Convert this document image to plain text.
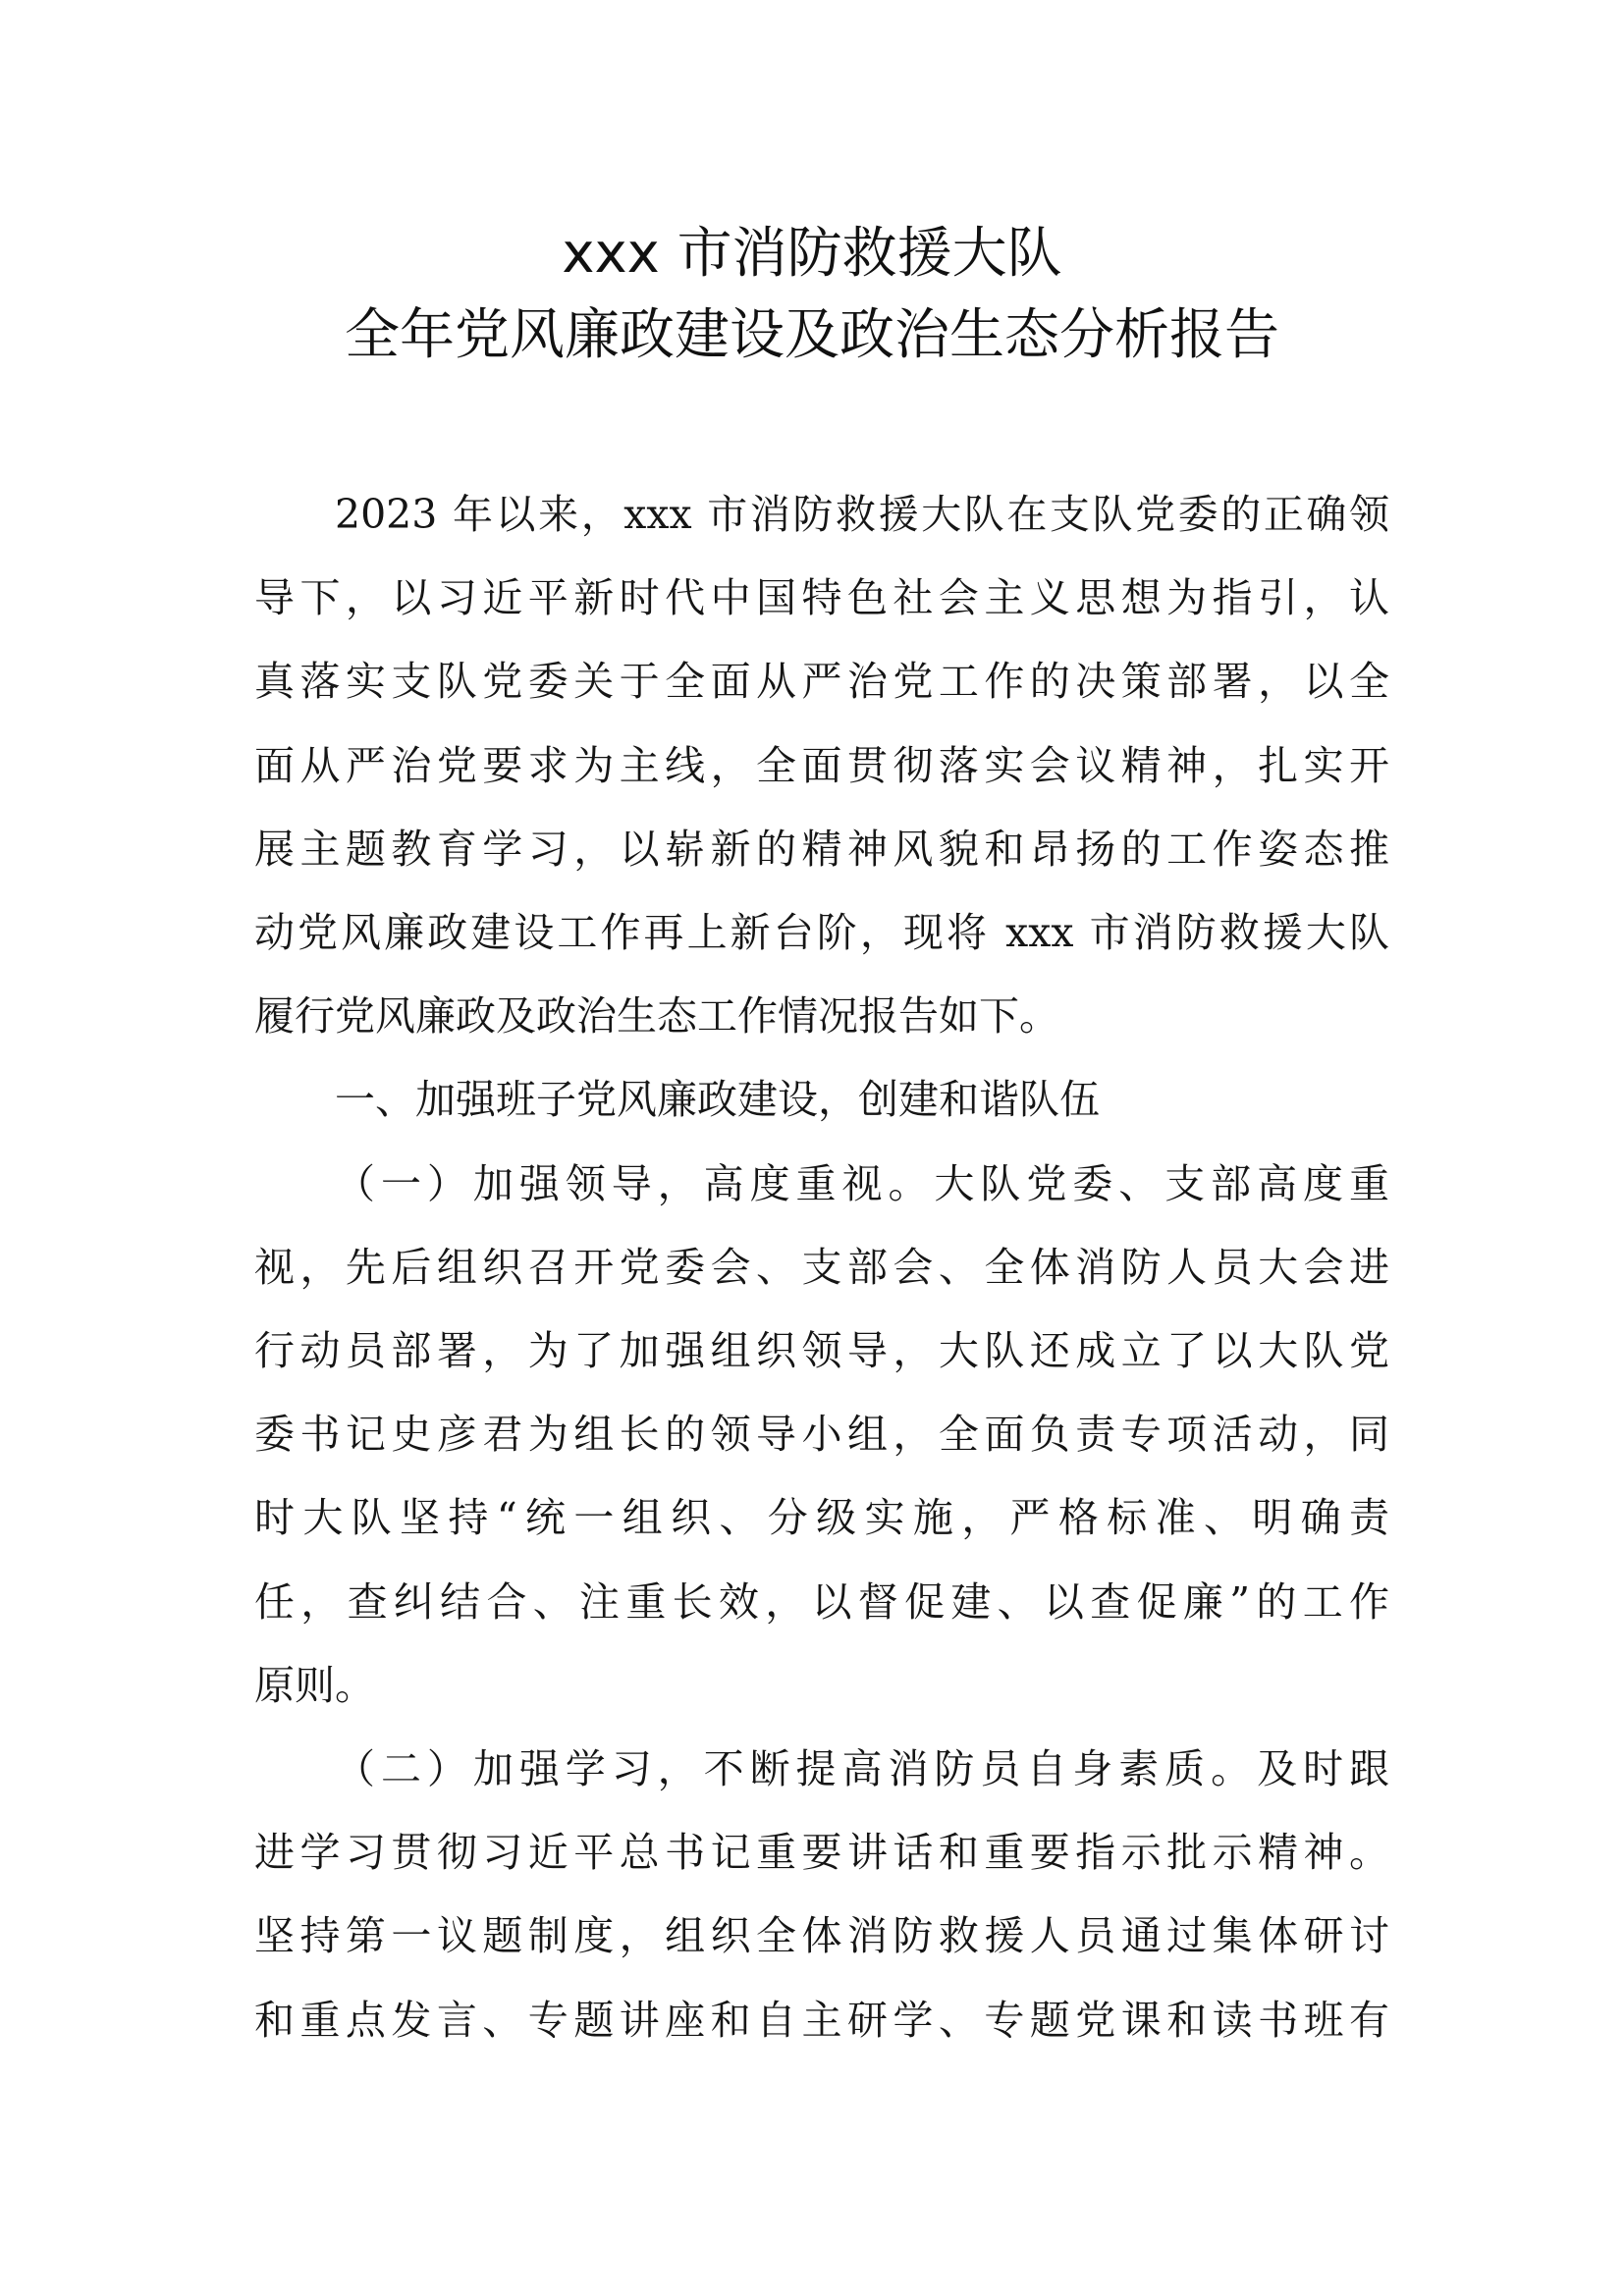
xxx 市消防救援大队
全年党风廉政建设及政治生态分析报告
2023 年以来，xxx 市消防救援大队在支队党委的正确领
导下，以习近平新时代中国特色社会主义思想为指引，认
真落实支队党委关于全面从严治党工作的决策部署，以全
面从严治党要求为主线，全面贯彻落实会议精神，扎实开
展主题教育学习，以崭新的精神风貌和昂扬的工作姿态推
动党风廉政建设工作再上新台阶，现将 xxx 市消防救援大队
履行党风廉政及政治生态工作情况报告如下。
一、加强班子党风廉政建设，创建和谐队伍
（一）加强领导，高度重视。大队党委、支部高度重
视，先后组织召开党委会、支部会、全体消防人员大会进
行动员部署，为了加强组织领导，大队还成立了以大队党
委书记史彦君为组长的领导小组，全面负责专项活动，同
时大队坚持“统一组织、分级实施，严格标准、明确责
任，查纠结合、注重长效，以督促建、以查促廉”的工作
原则。
（二）加强学习，不断提高消防员自身素质。及时跟
进学习贯彻习近平总书记重要讲话和重要指示批示精神。
坚持第一议题制度，组织全体消防救援人员通过集体研讨
和重点发言、专题讲座和自主研学、专题党课和读书班有
